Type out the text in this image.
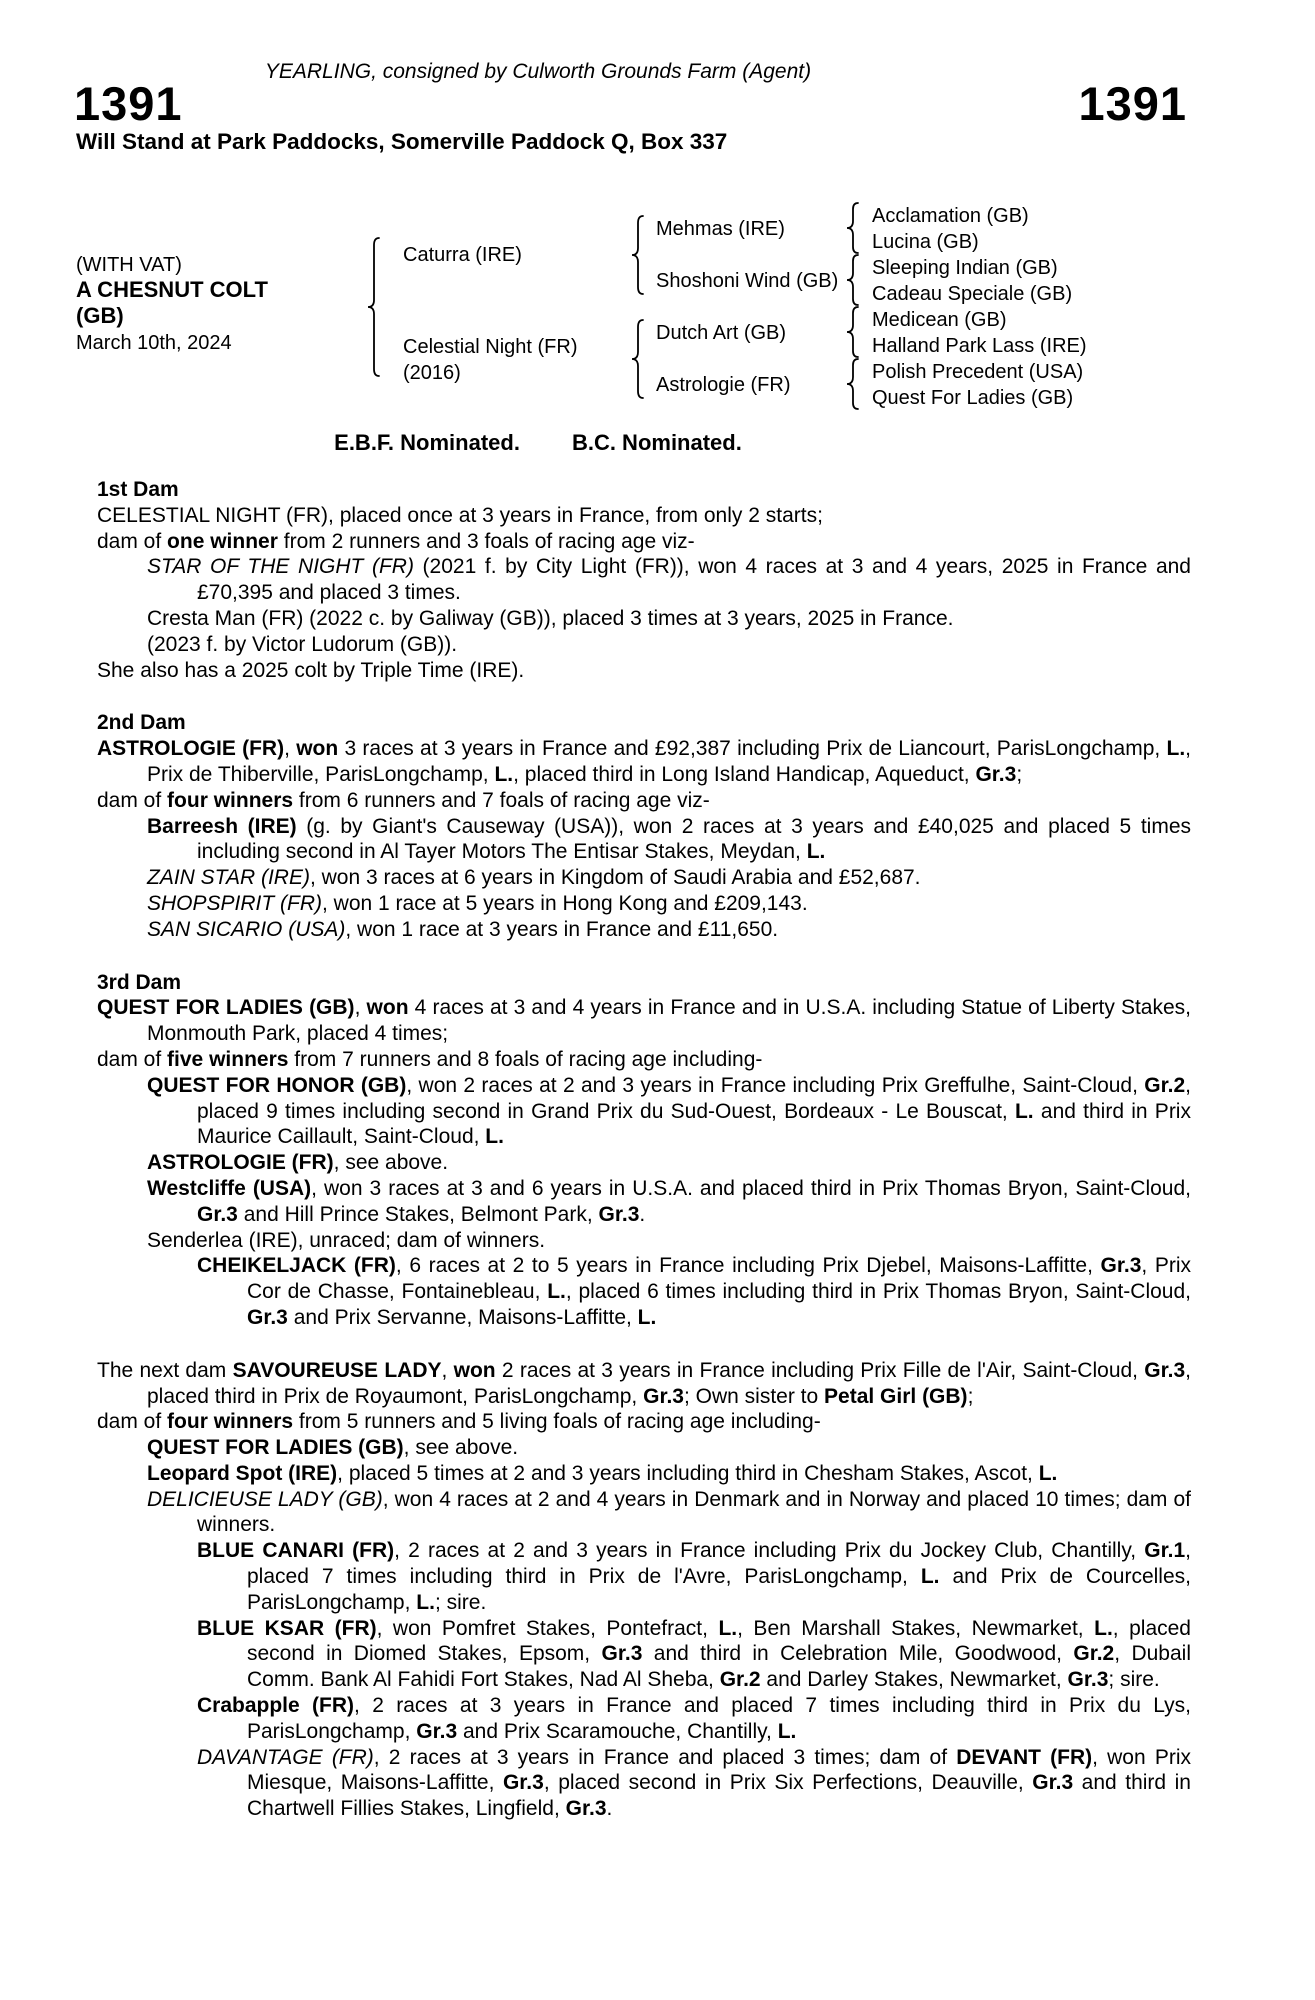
YEARLING, consigned by Culworth Grounds Farm (Agent)
1391	1391
Will Stand at Park Paddocks, Somerville Paddock Q, Box 337
(WITH VAT)
A CHESNUT COLT
(GB)
March 10th, 2024
Caturra (IRE)
Celestial Night (FR)
(2016)
Mehmas (IRE)
Shoshoni Wind (GB)
Dutch Art (GB)
Astrologie (FR)
Acclamation (GB)
Lucina (GB)
Sleeping Indian (GB)
Cadeau Speciale (GB)
Medicean (GB)
Halland Park Lass (IRE)
Polish Precedent (USA)
Quest For Ladies (GB)
E.B.F. Nominated. B.C. Nominated.
1st Dam
CELESTIAL NIGHT (FR), placed once at 3 years in France, from only 2 starts;
dam of one winner from 2 runners and 3 foals of racing age viz-
STAR OF THE NIGHT (FR) (2021 f. by City Light (FR)), won 4 races at 3 and 4 years, 2025 in France and £70,395 and placed 3 times.
Cresta Man (FR) (2022 c. by Galiway (GB)), placed 3 times at 3 years, 2025 in France.
(2023 f. by Victor Ludorum (GB)).
She also has a 2025 colt by Triple Time (IRE).
2nd Dam
ASTROLOGIE (FR), won 3 races at 3 years in France and £92,387 including Prix de Liancourt, ParisLongchamp, L., Prix de Thiberville, ParisLongchamp, L., placed third in Long Island Handicap, Aqueduct, Gr.3;
dam of four winners from 6 runners and 7 foals of racing age viz-
Barreesh (IRE) (g. by Giant's Causeway (USA)), won 2 races at 3 years and £40,025 and placed 5 times including second in Al Tayer Motors The Entisar Stakes, Meydan, L.
ZAIN STAR (IRE), won 3 races at 6 years in Kingdom of Saudi Arabia and £52,687.
SHOPSPIRIT (FR), won 1 race at 5 years in Hong Kong and £209,143.
SAN SICARIO (USA), won 1 race at 3 years in France and £11,650.
3rd Dam
QUEST FOR LADIES (GB), won 4 races at 3 and 4 years in France and in U.S.A. including Statue of Liberty Stakes, Monmouth Park, placed 4 times;
dam of five winners from 7 runners and 8 foals of racing age including-
QUEST FOR HONOR (GB), won 2 races at 2 and 3 years in France including Prix Greffulhe, Saint-Cloud, Gr.2, placed 9 times including second in Grand Prix du Sud-Ouest, Bordeaux - Le Bouscat, L. and third in Prix Maurice Caillault, Saint-Cloud, L.
ASTROLOGIE (FR), see above.
Westcliffe (USA), won 3 races at 3 and 6 years in U.S.A. and placed third in Prix Thomas Bryon, Saint-Cloud, Gr.3 and Hill Prince Stakes, Belmont Park, Gr.3.
Senderlea (IRE), unraced; dam of winners.
CHEIKELJACK (FR), 6 races at 2 to 5 years in France including Prix Djebel, Maisons-Laffitte, Gr.3, Prix Cor de Chasse, Fontainebleau, L., placed 6 times including third in Prix Thomas Bryon, Saint-Cloud, Gr.3 and Prix Servanne, Maisons-Laffitte, L.
The next dam SAVOUREUSE LADY, won 2 races at 3 years in France including Prix Fille de l'Air, Saint-Cloud, Gr.3, placed third in Prix de Royaumont, ParisLongchamp, Gr.3; Own sister to Petal Girl (GB);
dam of four winners from 5 runners and 5 living foals of racing age including-
QUEST FOR LADIES (GB), see above.
Leopard Spot (IRE), placed 5 times at 2 and 3 years including third in Chesham Stakes, Ascot, L.
DELICIEUSE LADY (GB), won 4 races at 2 and 4 years in Denmark and in Norway and placed 10 times; dam of winners.
BLUE CANARI (FR), 2 races at 2 and 3 years in France including Prix du Jockey Club, Chantilly, Gr.1, placed 7 times including third in Prix de l'Avre, ParisLongchamp, L. and Prix de Courcelles, ParisLongchamp, L.; sire.
BLUE KSAR (FR), won Pomfret Stakes, Pontefract, L., Ben Marshall Stakes, Newmarket, L., placed second in Diomed Stakes, Epsom, Gr.3 and third in Celebration Mile, Goodwood, Gr.2, Dubail Comm. Bank Al Fahidi Fort Stakes, Nad Al Sheba, Gr.2 and Darley Stakes, Newmarket, Gr.3; sire.
Crabapple (FR), 2 races at 3 years in France and placed 7 times including third in Prix du Lys, ParisLongchamp, Gr.3 and Prix Scaramouche, Chantilly, L.
DAVANTAGE (FR), 2 races at 3 years in France and placed 3 times; dam of DEVANT (FR), won Prix Miesque, Maisons-Laffitte, Gr.3, placed second in Prix Six Perfections, Deauville, Gr.3 and third in Chartwell Fillies Stakes, Lingfield, Gr.3.
